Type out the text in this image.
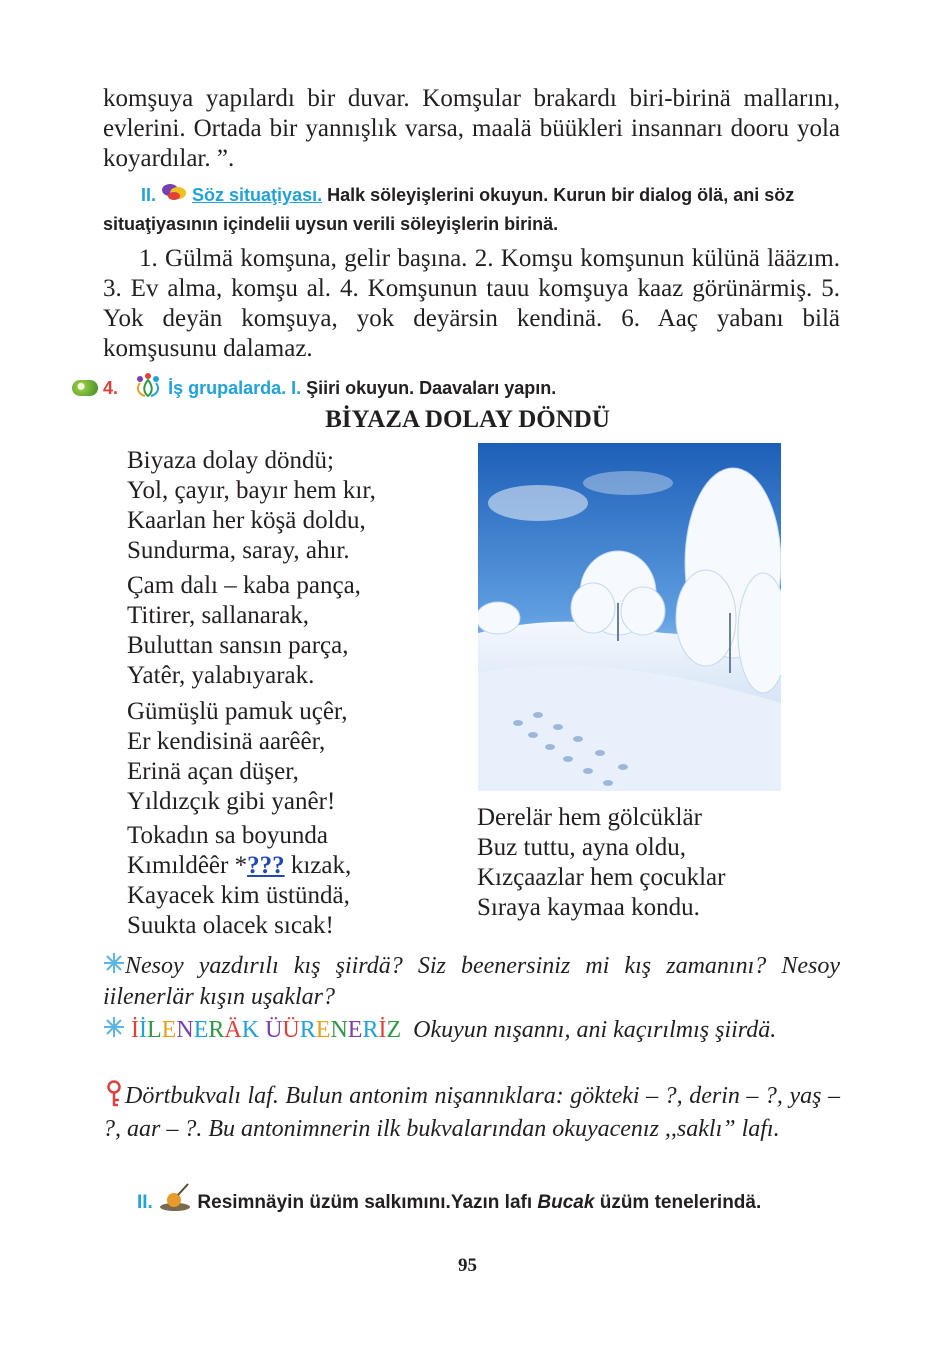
komşuya yapılardı bir duvar. Komşular brakardı biri-birinä mallarını, evlerini. Ortada bir yannışlık varsa, maalä büükleri insannarı dooru yola koyardılar. ”.
II. Söz situaţiyası. Halk söleyişlerini okuyun. Kurun bir dialog ölä, ani söz situaţiyasının içindelii uysun verili söleyişlerin birinä.
1. Gülmä komşuna, gelir başına. 2. Komşu komşunun külünä lääzım. 3. Ev alma, komşu al. 4. Komşunun tauu komşuya kaaz görünärmiş. 5. Yok deyän komşuya, yok deyärsin kendinä. 6. Aaç yabanı bilä komşusunu dalamaz.
4.	İş grupalarda. I. Şiiri okuyun. Daavaları yapın.
BİYAZA DOLAY DÖNDÜ
Biyaza dolay döndü;
Yol, çayır, bayır hem kır,
Kaarlan her köşä doldu,
Sundurma, saray, ahır.
Çam dalı – kaba pança,
Titirer, sallanarak,
Buluttan sansın parça,
Yatêr, yalabıyarak.
Gümüşlü pamuk uçêr,
Er kendisinä aarêêr,
Erinä açan düşer,
Yıldızçık gibi yanêr!
Tokadın sa boyunda
Kımıldêêr *??? kızak,
Kayacek kim üstündä,
Suukta olacek sıcak!
Derelär hem gölcüklär
Buz tuttu, ayna oldu,
Kızçaazlar hem çocuklar
Sıraya kaymaa kondu.
Nesoy yazdırılı kış şiirdä? Siz beenersiniz mi kış zamanını? Nesoy iilenerlär kışın uşaklar?
İİLENERÄK ÜÜRENERİZ Okuyun nışannı, ani kaçırılmış şiirdä.
Dörtbukvalı laf. Bulun antonim nişannıklara: gökteki – ?, derin – ?, yaş – ?, aar – ?. Bu antonimnerin ilk bukvalarından okuyacenız ,,saklı” lafı.
II. Resimnäyin üzüm salkımını.Yazın lafı Bucak üzüm tenelerindä.
95
